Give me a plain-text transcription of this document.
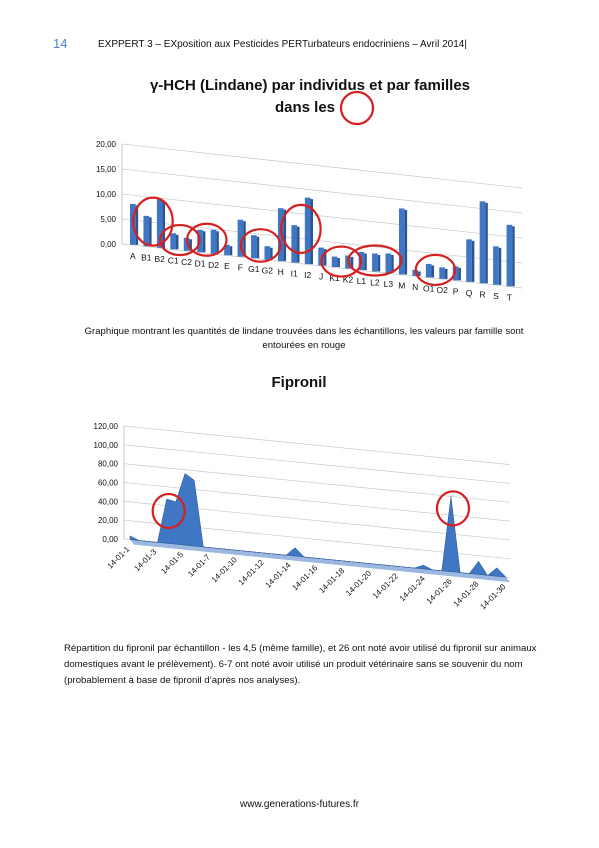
14	EXPPERT 3 – EXposition aux Pesticides PERTurbateurs endocriniens – Avril 2014|
γ-HCH (Lindane) par individus et par familles
dans les
0,00
5,00
10,00
15,00
20,00
A B1 B2 C1 C2 D1 D2 E F G1 G2 H I1 I2 J K1 K2 L1 L2 L3 M N O1 O2 P Q R S T
Graphique montrant les quantités de lindane trouvées dans les échantillons, les valeurs par famille sont entourées en rouge
Fipronil
0,00
20,00
40,00
60,00
80,00
100,00
120,00
14-01-1 14-01-3 14-01-5 14-01-7
14-01-10
14-01-12
14-01-14
14-01-16
14-01-18
14-01-20
14-01-22
14-01-24
14-01-26
14-01-28
14-01-30
Répartition du fipronil par échantillon - les 4,5 (même famille), et 26 ont noté avoir utilisé du fipronil sur animaux domestiques avant le prélèvement). 6-7 ont noté avoir utilisé un produit vétérinaire sans se souvenir du nom (probablement à base de fipronil d’après nos analyses).
www.generations-futures.fr
